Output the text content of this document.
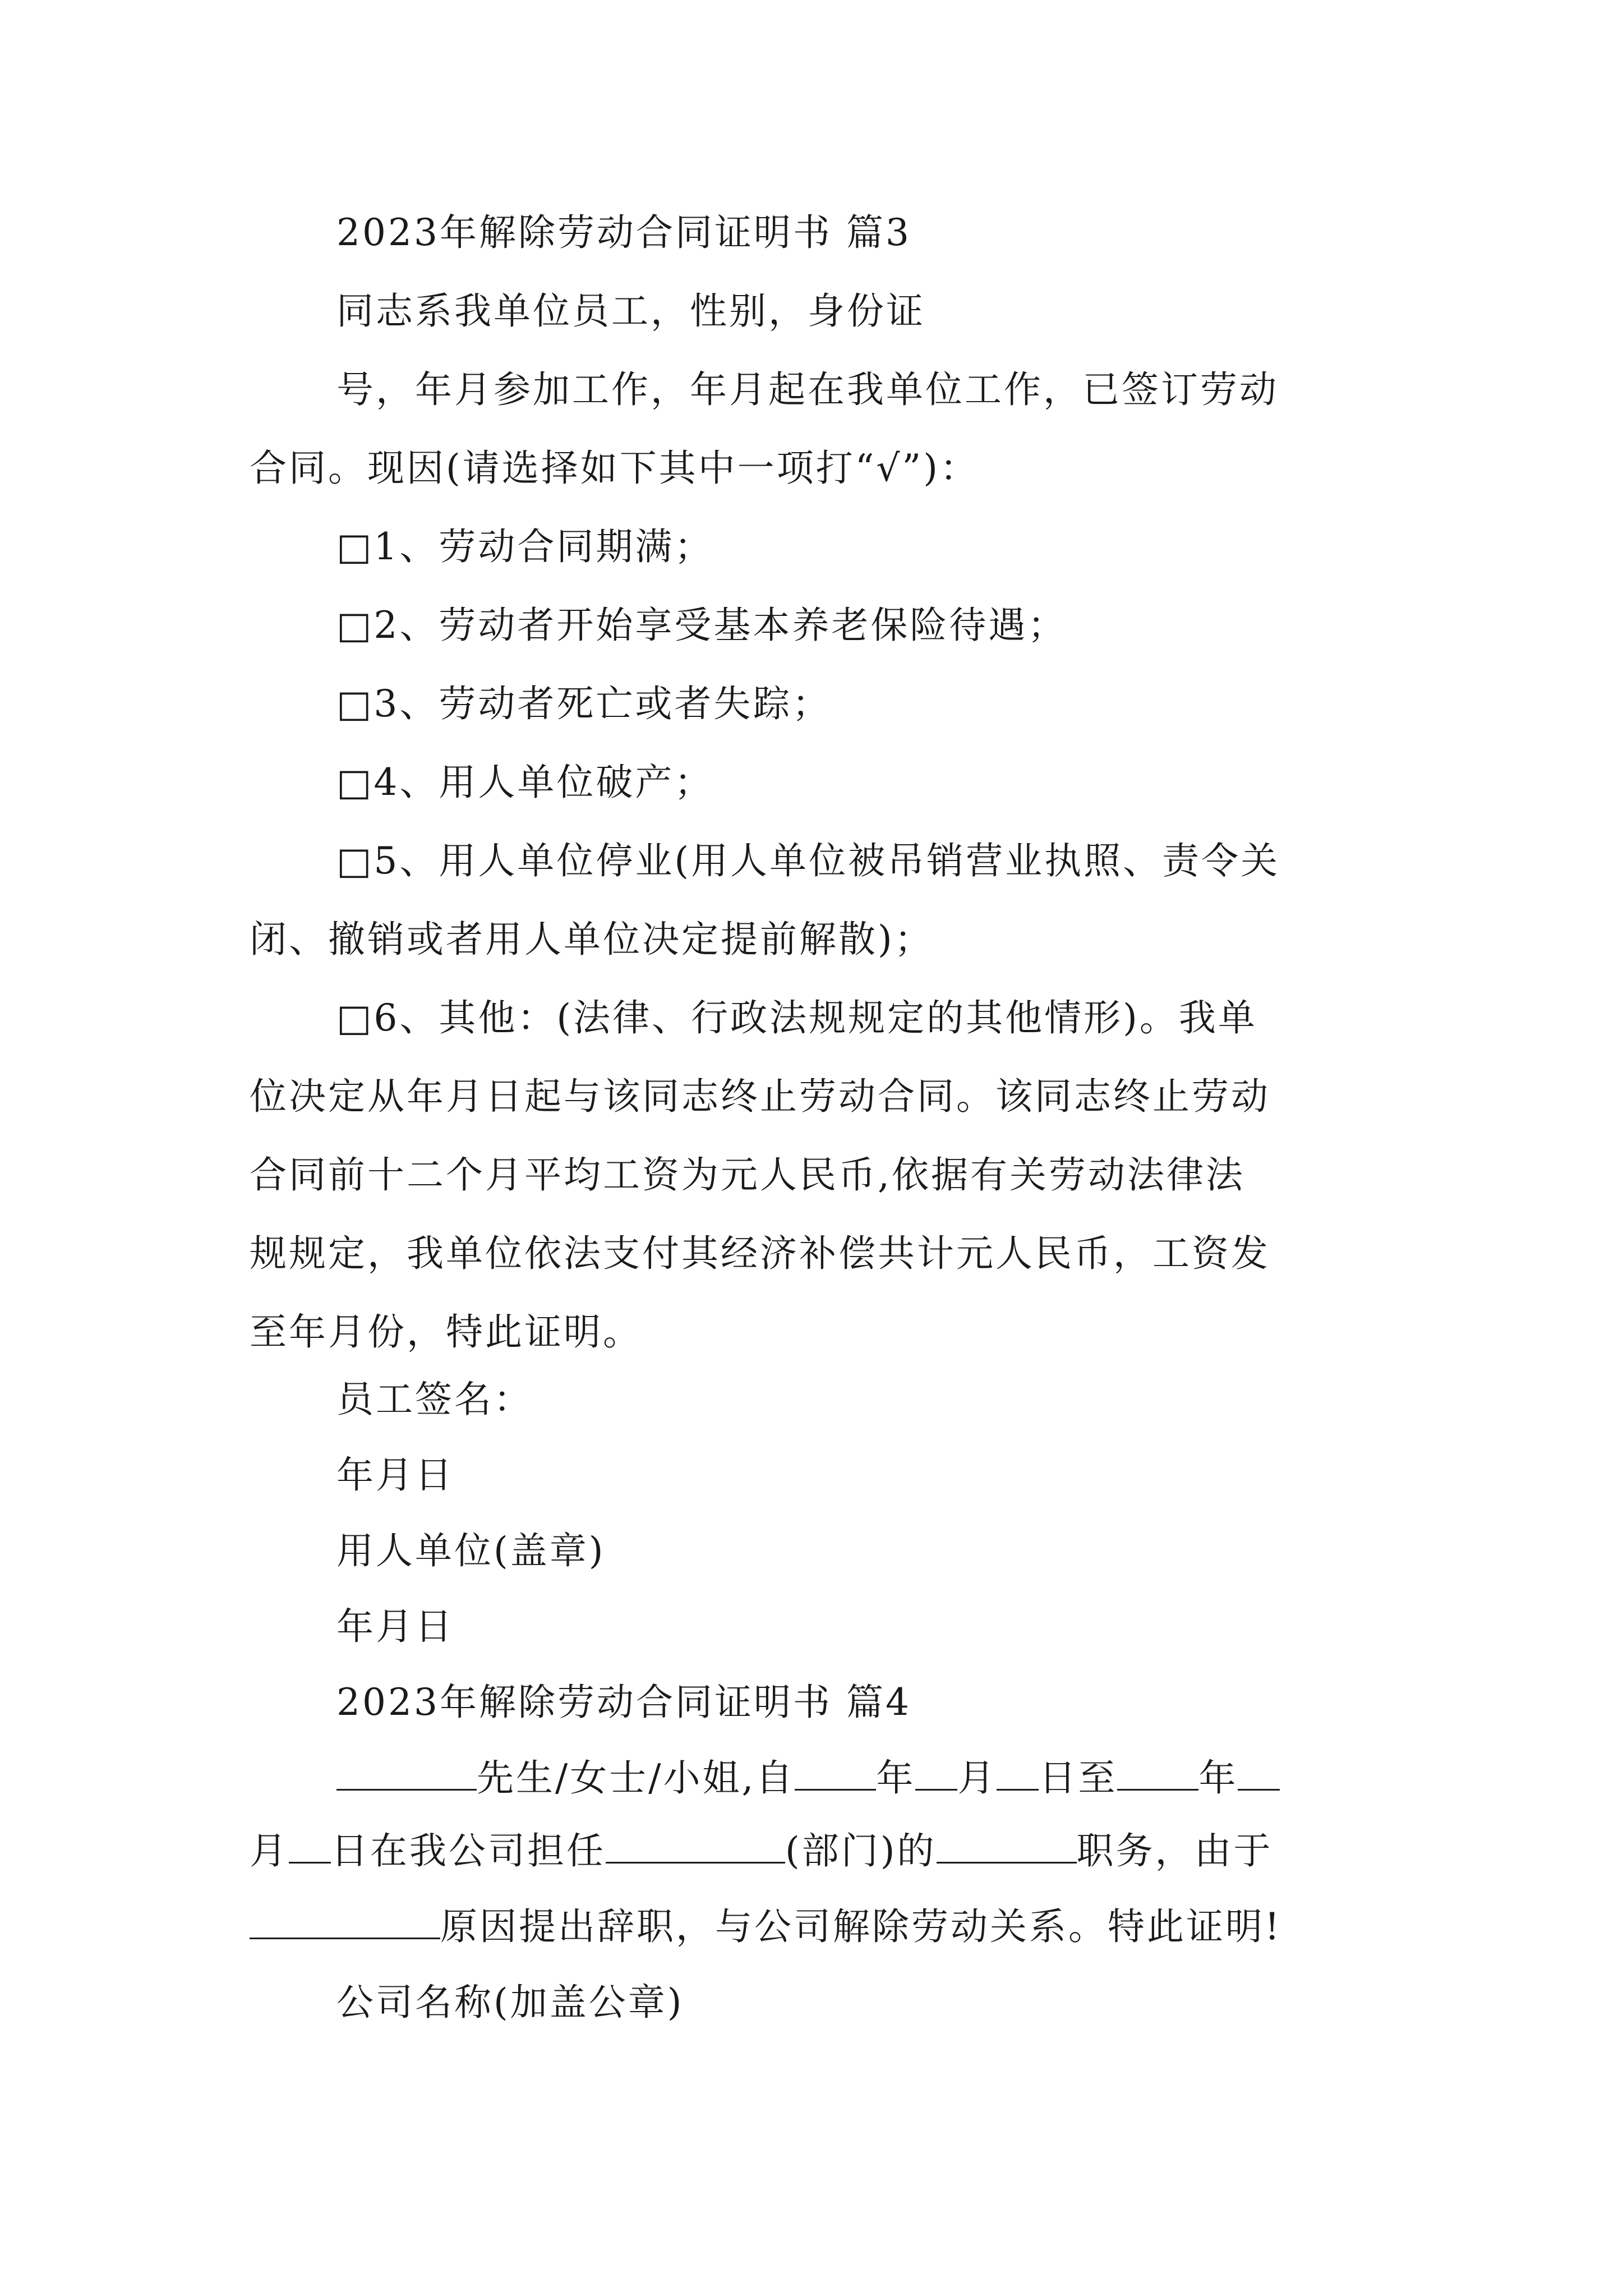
2023年解除劳动合同证明书 篇3
同志系我单位员工，性别，身份证
号，年月参加工作，年月起在我单位工作，已签订劳动
合同。现因(请选择如下其中一项打“√”)：
□1、劳动合同期满；
□2、劳动者开始享受基本养老保险待遇；
□3、劳动者死亡或者失踪；
□4、用人单位破产；
□5、用人单位停业(用人单位被吊销营业执照、责令关
闭、撤销或者用人单位决定提前解散)；
□6、其他：(法律、行政法规规定的其他情形)。我单
位决定从年月日起与该同志终止劳动合同。该同志终止劳动
合同前十二个月平均工资为元人民币,依据有关劳动法律法
规规定，我单位依法支付其经济补偿共计元人民币，工资发
至年月份，特此证明。
员工签名：
年月日
用人单位(盖章)
年月日
2023年解除劳动合同证明书 篇4
先生/女士/小姐,自 年 月 日至 年
月 日在我公司担任	(部门)的	职务，由于
原因提出辞职，与公司解除劳动关系。特此证明!
公司名称(加盖公章)
